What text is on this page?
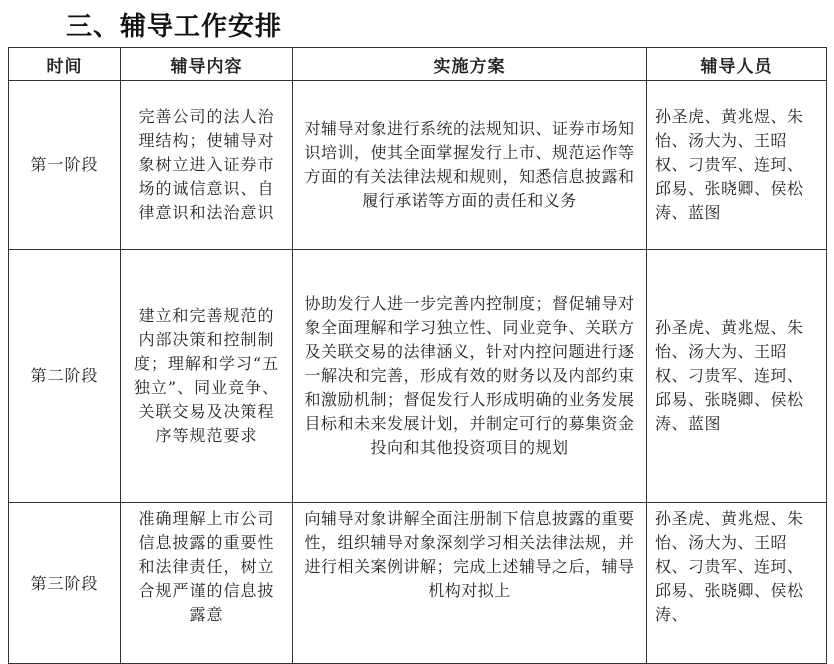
三、辅导工作安排
时间	辅导内容	实施方案	辅导人员

第一阶段	完善公司的法人治理结构；使辅导对象树立进入证券市场的诚信意识、自律意识和法治意识	对辅导对象进行系统的法规知识、证券市场知识培训，使其全面掌握发行上市、规范运作等方面的有关法律法规和规则，知悉信息披露和履行承诺等方面的责任和义务	孙圣虎、黄兆煜、朱怡、汤大为、王昭权、刁贵军、连珂、邱易、张晓卿、侯松涛、蓝图

第二阶段	建立和完善规范的内部决策和控制制度；理解和学习“五独立”、同业竞争、关联交易及决策程序等规范要求	协助发行人进一步完善内控制度；督促辅导对象全面理解和学习独立性、同业竞争、关联方及关联交易的法律涵义，针对内控问题进行逐一解决和完善，形成有效的财务以及内部约束和激励机制；督促发行人形成明确的业务发展目标和未来发展计划，并制定可行的募集资金投向和其他投资项目的规划	孙圣虎、黄兆煜、朱怡、汤大为、王昭权、刁贵军、连珂、邱易、张晓卿、侯松涛、蓝图

第三阶段	准确理解上市公司信息披露的重要性和法律责任，树立合规严谨的信息披露意	向辅导对象讲解全面注册制下信息披露的重要性，组织辅导对象深刻学习相关法律法规，并进行相关案例讲解；完成上述辅导之后，辅导机构对拟上	孙圣虎、黄兆煜、朱怡、汤大为、王昭权、刁贵军、连珂、邱易、张晓卿、侯松涛、
